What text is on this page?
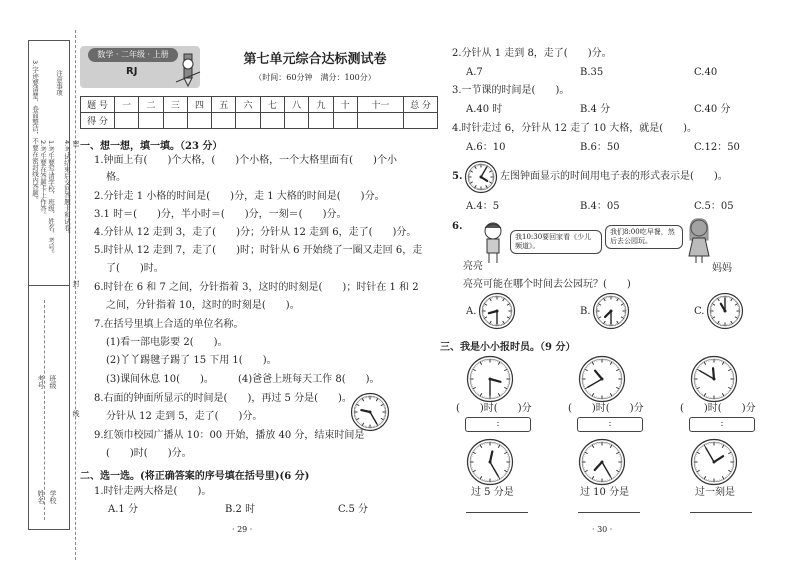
注意事项
1.考生要写清学校、班级、姓名、考号。
2.考生要在答题卡上作答。
3.字迹要清楚，卷面整洁，不要在密封线内答题。	4.考试结束后交回答题卡和试卷。
学校
姓名
班级
考号
密
封
线
数学 · 二年级 · 上册
RJ
第七单元综合达标测试卷
（时间：60分钟　满分：100分）
题 号	一	二	三	四	五	六	七	八	九	十	十一	总 分
得 分												
一、想一想，填一填。（23 分）
1.钟面上有(　　)个大格，(　　)个小格，一个大格里面有(　　)个小
格。
2.分针走 1 小格的时间是(　　)分，走 1 大格的时间是(　　)分。
3.1 时＝(　　)分，半小时＝(　　)分，一刻＝(　　)分。
4.分针从 12 走到 3，走了(　　)分；分针从 12 走到 6，走了(　　)分。
5.时针从 12 走到 7，走了(　　)时；时针从 6 开始绕了一圈又走回 6，走
了(　　)时。
6.时针在 6 和 7 之间，分针指着 3，这时的时刻是(　　)；时针在 1 和 2
之间，分针指着 10，这时的时刻是(　　)。
7.在括号里填上合适的单位名称。
(1)看一部电影要 2(　　)。
(2)丫丫踢毽子踢了 15 下用 1(　　)。
(3)课间休息 10(　　)。 (4)爸爸上班每天工作 8(　　)。
8.右面的钟面所显示的时间是(　　)，再过 5 分是(　　)。
分针从 12 走到 5，走了(　　)分。
9.红领巾校园广播从 10：00 开始，播放 40 分，结束时间是
(　　)时(　　)分。
二、选一选。(将正确答案的序号填在括号里)(6 分)
1.时针走两大格是(　　)。
A.1 分	B.2 时	C.5 分
· 29 ·
2.分针从 1 走到 8，走了(　　)分。
A.7	B.35	C.40
3.一节课的时间是(　　)。
A.40 时	B.4 分	C.40 分
4.时针走过 6，分针从 12 走了 10 大格，就是(　　)。
A.6：10	B.6：50	C.12：50
5.	左图钟面显示的时间用电子表的形式表示是(　　)。
A.4：5	B.4：05	C.5：05
6.
我10:30要回家看《少儿频道》。
我们8:00吃早餐，然后去公园玩。
亮亮	妈妈
亮亮可能在哪个时间去公园玩？(　　)
A.	B.	C.
三、我是小小报时员。（9 分）
(　　)时(　　)分	(　　)时(　　)分	(　　)时(　　)分
:	:	:
过 5 分是	过 10 分是	过一刻是
· 30 ·
